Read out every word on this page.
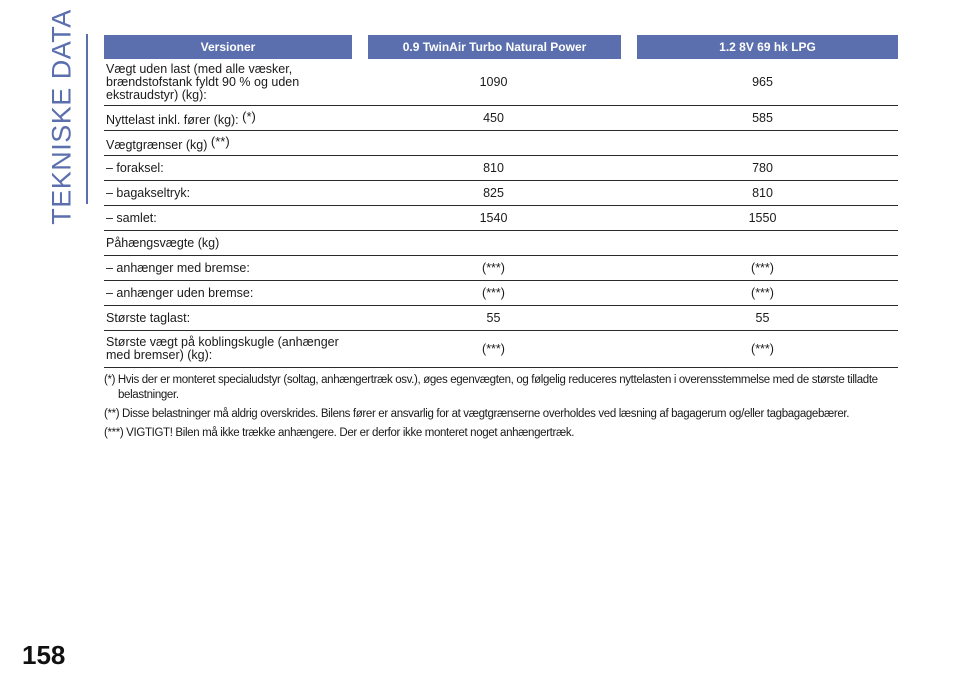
TEKNISKE DATA	Versioner	0.9 TwinAir Turbo Natural Power	1.2 8V 69 hk LPG
Vægt uden last (med alle væsker, brændstofstank fyldt 90 % og uden ekstraudstyr) (kg):	1090	965
Nyttelast inkl. fører (kg): (*)	450	585
Vægtgrænser (kg) (**)		
– foraksel:	810	780
– bagakseltryk:	825	810
– samlet:	1540	1550
Påhængsvægte (kg)		
– anhænger med bremse:	(***)	(***)
– anhænger uden bremse:	(***)	(***)
Største taglast:	55	55
Største vægt på koblingskugle (anhænger med bremser) (kg):	(***)	(***)

(*) Hvis der er monteret specialudstyr (soltag, anhængertræk osv.), øges egenvægten, og følgelig reduceres nyttelasten i overensstemmelse med de største tilladte belastninger.

(**) Disse belastninger må aldrig overskrides. Bilens fører er ansvarlig for at vægtgrænserne overholdes ved læsning af bagagerum og/eller tagbagagebærer.

(***) VIGTIGT! Bilen må ikke trække anhængere. Der er derfor ikke monteret noget anhængertræk.

158
